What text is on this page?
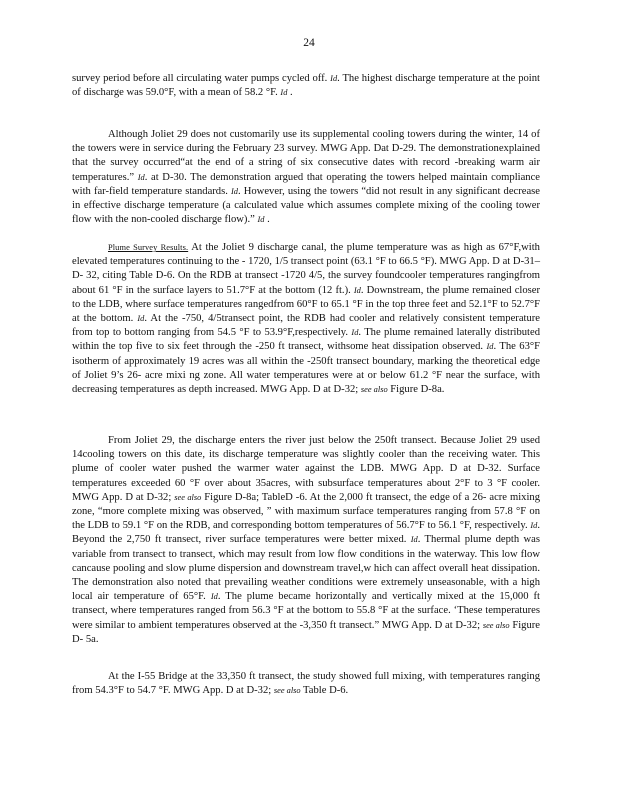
24

survey period before all circulating water pumps cycled off. Id. The highest discharge temperature at the point of discharge was 59.0°F, with a mean of 58.2 °F. Id .

Although Joliet 29 does not customarily use its supplemental cooling towers during the winter, 14 of the towers were in service during the February 23 survey. MWG App. Dat D-29. The demonstrationexplained that the survey occurred“at the end of a string of six consecutive dates with record -breaking warm air temperatures.” Id. at D-30. The demonstration argued that operating the towers helped maintain compliance with far-field temperature standards. Id. However, using the towers “did not result in any significant decrease in effective discharge temperature (a calculated value which assumes complete mixing of the cooling tower flow with the non-cooled discharge flow).” Id .

Plume Survey Results. At the Joliet 9 discharge canal, the plume temperature was as high as 67°F,with elevated temperatures continuing to the - 1720, 1/5 transect point (63.1 °F to 66.5 °F). MWG App. D at D-31–D- 32, citing Table D-6. On the RDB at transect -1720 4/5, the survey foundcooler temperatures rangingfrom about 61 °F in the surface layers to 51.7°F at the bottom (12 ft.). Id. Downstream, the plume remained closer to the LDB, where surface temperatures rangedfrom 60°F to 65.1 °F in the top three feet and 52.1°F to 52.7°F at the bottom. Id. At the -750, 4/5transect point, the RDB had cooler and relatively consistent temperature from top to bottom ranging from 54.5 °F to 53.9°F,respectively. Id. The plume remained laterally distributed within the top five to six feet through the -250 ft transect, withsome heat dissipation observed. Id. The 63°F isotherm of approximately 19 acres was all within the -250ft transect boundary, marking the theoretical edge of Joliet 9’s 26- acre mixi ng zone. All water temperatures were at or below 61.2 °F near the surface, with decreasing temperatures as depth increased. MWG App. D at D-32; see also Figure D-8a.

From Joliet 29, the discharge enters the river just below the 250ft transect. Because Joliet 29 used 14cooling towers on this date, its discharge temperature was slightly cooler than the receiving water. This plume of cooler water pushed the warmer water against the LDB. MWG App. D at D-32. Surface temperatures exceeded 60 °F over about 35acres, with subsurface temperatures about 2°F to 3 °F cooler. MWG App. D at D-32; see also Figure D-8a; TableD -6. At the 2,000 ft transect, the edge of a 26- acre mixing zone, “more complete mixing was observed, ” with maximum surface temperatures ranging from 57.8 °F on the LDB to 59.1 °F on the RDB, and corresponding bottom temperatures of 56.7°F to 56.1 °F, respectively. Id. Beyond the 2,750 ft transect, river surface temperatures were better mixed. Id. Thermal plume depth was variable from transect to transect, which may result from low flow conditions in the waterway. This low flow cancause pooling and slow plume dispersion and downstream travel,w hich can affect overall heat dissipation. The demonstration also noted that prevailing weather conditions were extremely unseasonable, with a high local air temperature of 65°F. Id. The plume became horizontally and vertically mixed at the 15,000 ft transect, where temperatures ranged from 56.3 °F at the bottom to 55.8 °F at the surface. ‘These temperatures were similar to ambient temperatures observed at the -3,350 ft transect.” MWG App. D at D-32; see also Figure D- 5a.

At the I-55 Bridge at the 33,350 ft transect, the study showed full mixing, with temperatures ranging from 54.3°F to 54.7 °F. MWG App. D at D-32; see also Table D-6.
